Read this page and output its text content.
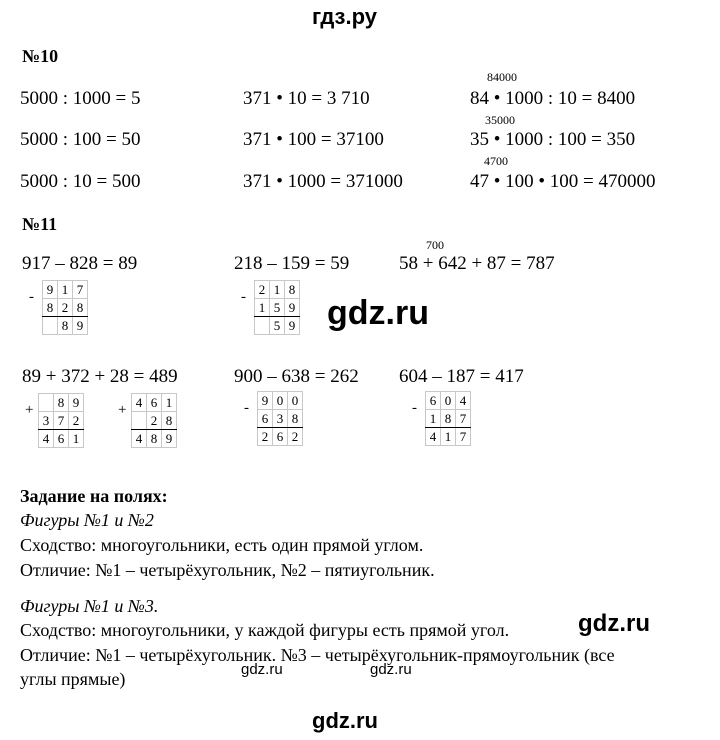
гдз.ру
№10
84000
5000 : 1000 = 5	371 • 10 = 3 710	84 • 1000 : 10 = 8400
35000
5000 : 100 = 50	371 • 100 = 37100	35 • 1000 : 100 = 350
4700
5000 : 10 = 500	371 • 1000 = 371000	47 • 100 • 100 = 470000
№11
700
917 – 828 = 89	218 – 159 = 59	58 + 642 + 87 = 787
- 9	1	7
8	2	8
	8	9
- 2	1	8
1	5	9
	5	9 gdz.ru
89 + 372 + 28 = 489	900 – 638 = 262 604 – 187 = 417
+
	8	9
3	7	2
4	6	1
+ 4	6	1
	2	8
4	8	9
- 9	0	0
6	3	8
2	6	2
- 6	0	4
1	8	7
4	1	7
Задание на полях:
Фигуры №1 и №2
Сходство: многоугольники, есть один прямой углом.
Отличие: №1 – четырёхугольник, №2 – пятиугольник.
Фигуры №1 и №3.
Сходство: многоугольники, у каждой фигуры есть прямой угол.	gdz.ru
Отличие: №1 – четырёхугольник. №3 – четырёхугольник-прямоугольник (все
gdz.ru	gdz.ru
углы прямые)
gdz.ru
